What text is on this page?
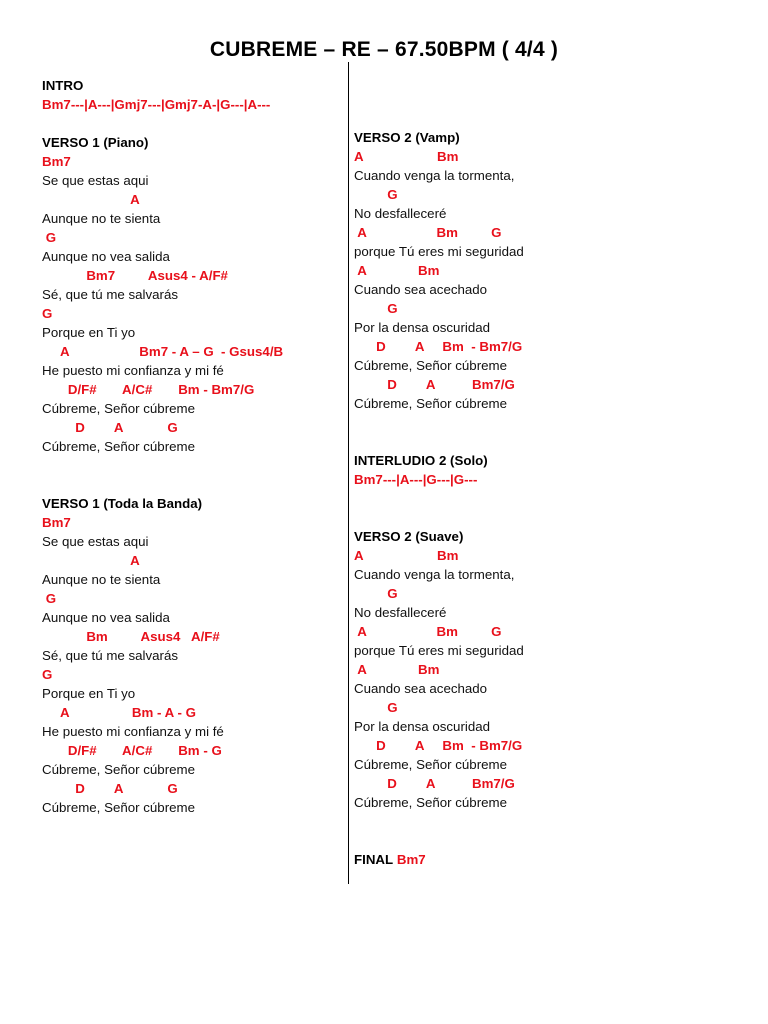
CUBREME – RE – 67.50BPM ( 4/4 )
INTRO
Bm7---|A---|Gmj7---|Gmj7-A-|G---|A---
VERSO 1 (Piano)
Bm7
Se que estas aqui
A
Aunque no te sienta
G
Aunque no vea salida
Bm7         Asus4 - A/F#
Sé, que tú me salvarás
G
Porque en Ti yo
A                   Bm7 - A – G  - Gsus4/B
He puesto mi confianza y mi fé
D/F#       A/C#       Bm - Bm7/G
Cúbreme, Señor cúbreme
D        A            G
Cúbreme, Señor cúbreme
VERSO 1 (Toda la Banda)
Bm7
Se que estas aqui
A
Aunque no te sienta
G
Aunque no vea salida
Bm         Asus4   A/F#
Sé, que tú me salvarás
G
Porque en Ti yo
A                 Bm - A - G
He puesto mi confianza y mi fé
D/F#       A/C#       Bm - G
Cúbreme, Señor cúbreme
D        A            G
Cúbreme, Señor cúbreme
VERSO 2 (Vamp)
A                    Bm
Cuando venga la tormenta,
G
No desfalleceré
A                   Bm         G
porque Tú eres mi seguridad
A              Bm
Cuando sea acechado
G
Por la densa oscuridad
D        A     Bm  - Bm7/G
Cúbreme, Señor cúbreme
D        A          Bm7/G
Cúbreme, Señor cúbreme
INTERLUDIO 2 (Solo)
Bm7---|A---|G---|G---
VERSO 2 (Suave)
A                    Bm
Cuando venga la tormenta,
G
No desfalleceré
A                   Bm         G
porque Tú eres mi seguridad
A              Bm
Cuando sea acechado
G
Por la densa oscuridad
D        A     Bm  - Bm7/G
Cúbreme, Señor cúbreme
D        A          Bm7/G
Cúbreme, Señor cúbreme
FINAL Bm7
